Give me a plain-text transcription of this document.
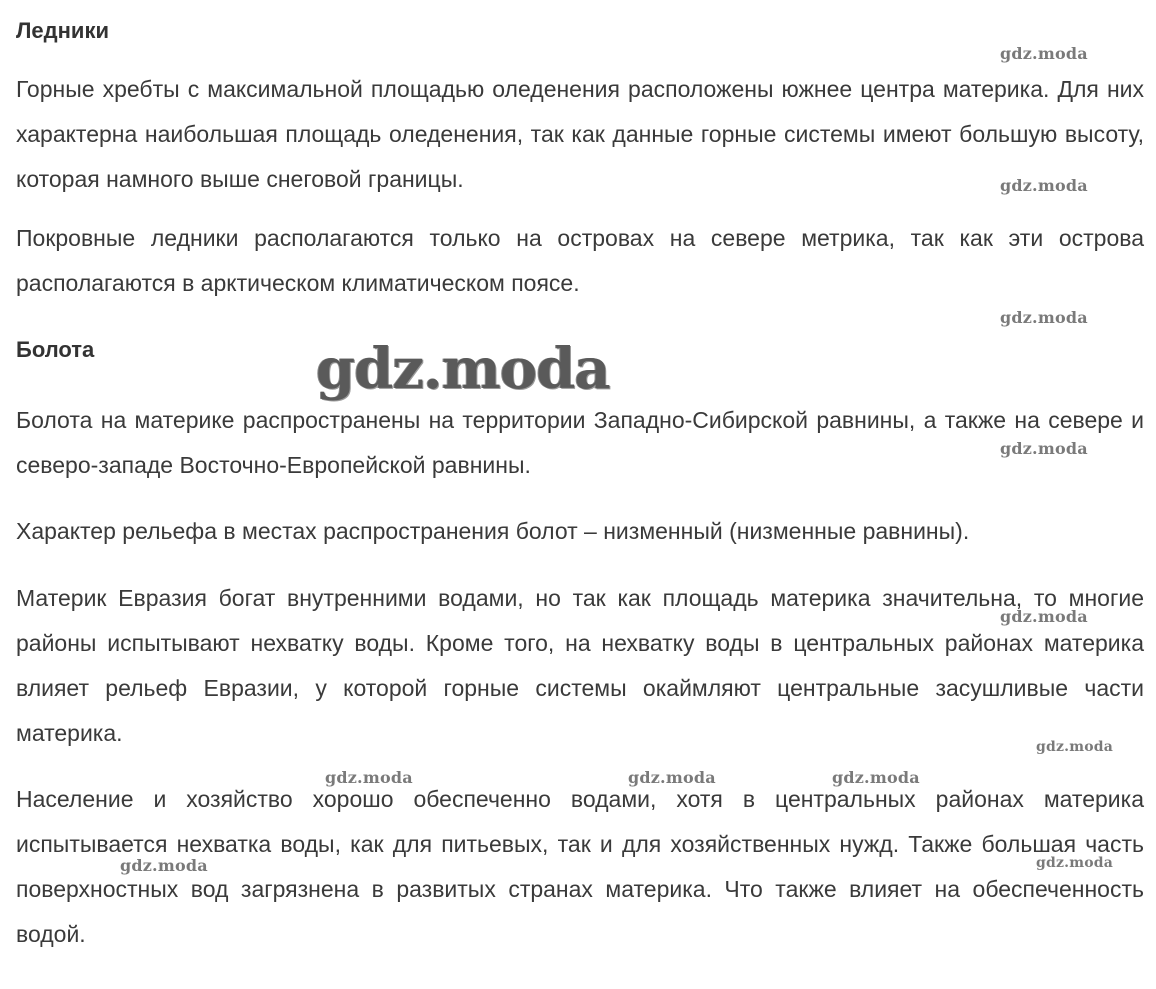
Ледники

Горные хребты с максимальной площадью оледенения расположены южнее центра материка. Для них характерна наибольшая площадь оледенения, так как данные горные системы имеют большую высоту, которая намного выше снеговой границы.

Покровные ледники располагаются только на островах на севере метрика, так как эти острова располагаются в арктическом климатическом поясе.

Болота

Болота на материке распространены на территории Западно-Сибирской равнины, а также на севере и северо-западе Восточно-Европейской равнины.

Характер рельефа в местах распространения болот – низменный (низменные равнины).

Материк Евразия богат внутренними водами, но так как площадь материка значительна, то многие районы испытывают нехватку воды. Кроме того, на нехватку воды в центральных районах материка влияет рельеф Евразии, у которой горные системы окаймляют центральные засушливые части материка.

Население и хозяйство хорошо обеспеченно водами, хотя в центральных районах материка испытывается нехватка воды, как для питьевых, так и для хозяйственных нужд. Также большая часть поверхностных вод загрязнена в развитых странах материка. Что также влияет на обеспеченность водой.

gdz.moda
gdz.moda
gdz.moda
gdz.moda
gdz.moda
gdz.moda
gdz.moda
gdz.moda	gdz.moda	gdz.moda
gdz.moda	gdz.moda
